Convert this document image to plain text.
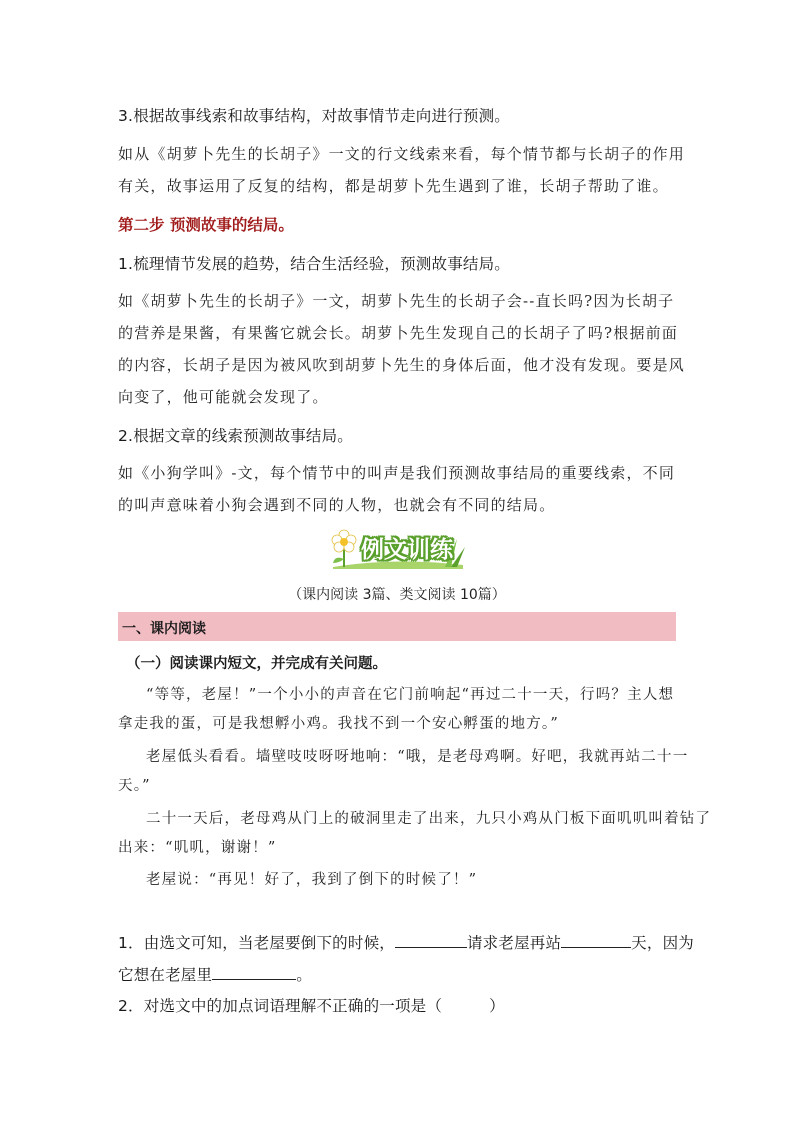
3.根据故事线索和故事结构，对故事情节走向进行预测。
如从《胡萝卜先生的长胡子》一文的行文线索来看，每个情节都与长胡子的作用
有关，故事运用了反复的结构，都是胡萝卜先生遇到了谁，长胡子帮助了谁。
第二步 预测故事的结局。
1.梳理情节发展的趋势，结合生活经验，预测故事结局。
如《胡萝卜先生的长胡子》一文，胡萝卜先生的长胡子会--直长吗?因为长胡子
的营养是果酱，有果酱它就会长。胡萝卜先生发现自己的长胡子了吗?根据前面
的内容，长胡子是因为被风吹到胡萝卜先生的身体后面，他才没有发现。要是风
向变了，他可能就会发现了。
2.根据文章的线索预测故事结局。
如《小狗学叫》-文，每个情节中的叫声是我们预测故事结局的重要线索，不同
的叫声意味着小狗会遇到不同的人物，也就会有不同的结局。
例文训练
（课内阅读 3篇、类文阅读 10篇）
一、课内阅读
（一）阅读课内短文，并完成有关问题。
“等等，老屋！”一个小小的声音在它门前响起“再过二十一天，行吗？主人想
拿走我的蛋，可是我想孵小鸡。我找不到一个安心孵蛋的地方。”
老屋低头看看。墙壁吱吱呀呀地响：“哦，是老母鸡啊。好吧，我就再站二十一
天。”
二十一天后，老母鸡从门上的破洞里走了出来，九只小鸡从门板下面叽叽叫着钻了
出来：“叽叽，谢谢！”
老屋说：“再见！好了，我到了倒下的时候了！”
1．由选文可知，当老屋要倒下的时候，	请求老屋再站	天，因为
它想在老屋里	。
2．对选文中的加点词语理解不正确的一项是（　　　）
